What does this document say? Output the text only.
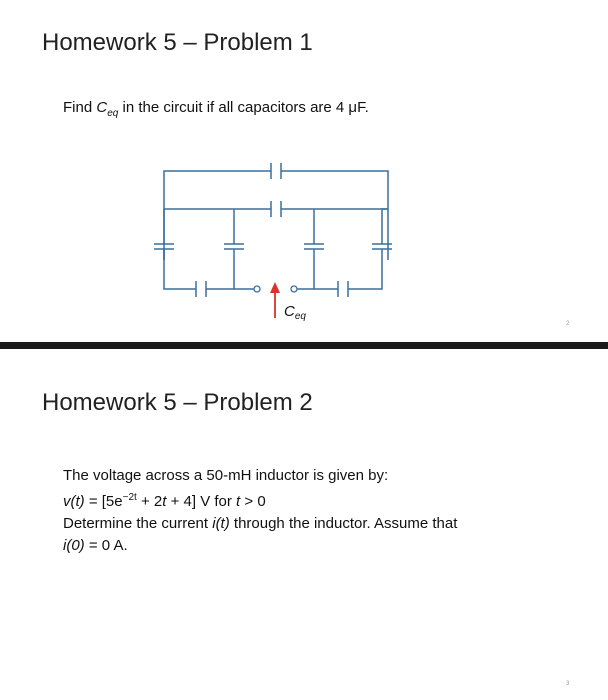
Homework 5 – Problem 1
Find $C_{eq}$ in the circuit if all capacitors are 4 μF.
$C_{eq}$
2
Homework 5 – Problem 2
The voltage across a 50-mH inductor is given by:
$v(t) = [5e^{-2t} + 2t + 4]$ V for t > 0
Determine the current i(t) through the inductor. Assume that
i(0) = 0 A.
3
